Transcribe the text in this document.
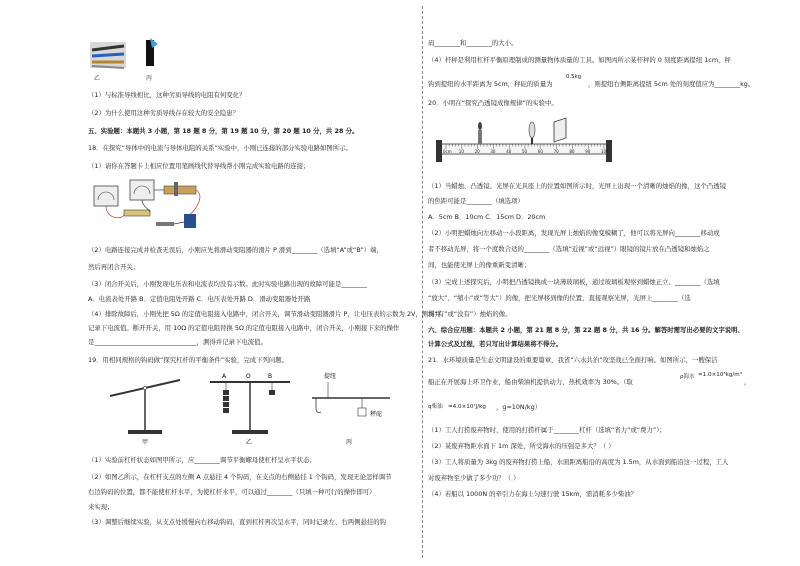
乙	丙
（1）与标准导线相比，这种劣质导线的电阻有何变化？
（2）为什么使用这种劣质导线存在较大的安全隐患？
五、实验题：本题共 3 小题，第 18 题 8 分，第 19 题 10 分，第 20 题 10 分，共 28 分。
18．在探究“导体中的电流与导体电阻的关系”实验中，小刚已连接的部分实验电路如图所示。
（1）请你在答题卡上相应位置用笔画线代替导线帮小刚完成实验电路的连接；
（2）电路连接完成并检查无误后，小刚应先将滑动变阻器的滑片 P 滑到________（选填“A”或“B”）端，
然后再闭合开关；
（3）闭合开关后，小刚发现电压表和电流表均没有示数。此时实验电路出现的故障可能是________
A．电流表处开路 B．定值电阻处开路 C．电压表处开路 D．滑动变阻器处开路
（4）排除故障后，小刚先把 5Ω 的定值电阻接入电路中，闭合开关，调节滑动变阻器滑片 P，让电压表的示数为 2V，测得并
记录下电流值。断开开关，用 10Ω 的定值电阻替换 5Ω 的定值电阻接入电路中，闭合开关，小刚接下来的操作
是________________________________，测得并记录下电流值。
19．用相同规格的钩码做“探究杠杆的平衡条件”实验，完成下列问题。
甲
A	O	B
乙
提纽
秤砣
丙
（1）实验前杠杆状态如图甲所示，应________调节平衡螺母使杠杆呈水平状态；
（2）如图乙所示，在杠杆支点的左侧 A 点悬挂 4 个钩码，在支点的右侧悬挂 1 个钩码，发现无论怎样调节
右边钩码的位置，都不能使杠杆水平，为使杠杆水平，可以通过________（只填一种可行的操作即可）
来实现；
（3）调整后继续实验，从支点处缓慢向右移动钩码，直到杠杆再次呈水平，同时记录左、右两侧悬挂的钩
码________和________的大小。
（4）杆秤是利用杠杆平衡原理制成的测量物体质量的工具。如图丙所示某杆秤的 0 刻度距离提纽 1cm，秤
钩到提纽的水平距离为 5cm，秤砣的质量为
0.5kg
，则提纽右侧距离提纽 5cm 处的刻度值应为________kg。
20．小明在“探究凸透镜成像规律”的实验中。
0cm 10	20	30	40	50	60	70	80	90	100
（1）当蜡烛、凸透镜、光屏在光具座上的位置如图所示时，光屏上出现一个清晰的烛焰的像，这个凸透镜
的焦距可能是________（填选项）
A．5cm B．10cm C．15cm D．20cm
（2）小明把蜡烛向左移动一小段距离，发现光屏上烛焰的像变模糊了，他可以将光屏向________移动或
者不移动光屏，将一个度数合适的________（选填“近视”或“远视”）眼镜的镜片放在凸透镜和烛焰之
间，也能使光屏上的像重新变清晰；
（3）完成上述探究后，小明把凸透镜换成一块薄玻璃板，通过玻璃板观察到蜡烛正立、________（选填
“放大”、“缩小”或“等大”）的像，把光屏移到像的位置，直接观察光屏，光屏上________（选
填“有”或“没有”）烛焰的像。
六、综合应用题：本题共 2 小题，第 21 题 8 分，第 22 题 8 分，共 16 分。解答时需写出必要的文字说明、
计算公式及过程，若只写出计算结果将不得分。
21．水环境质量是生态文明建设的重要篇章，我省“六水共治”攻坚战已全面打响。如图所示，一艘保洁
船正在开展海上环卫作业，船由柴油机提供动力，热机效率为 30%。（取
ρ海水 =1.0×10³kg/m³
，
q柴油 =4.0×10⁷J/kg ，g=10N/kg）
（1）工人打捞废弃物时，使用的打捞杆属于________杠杆（选填“省力”或“费力”）；
（2）某废弃物距水面下 1m 深处，所受海水的压强是多大？（ ）
（3）工人将质量为 3kg 的废弃物打捞上船，水面距离船沿的高度为 1.5m，从水面到船沿这一过程，工人
对废弃物至少做了多少功？（ ）
（4）若船以 1000N 的牵引力在海上匀速行驶 15km，需消耗多少柴油？
